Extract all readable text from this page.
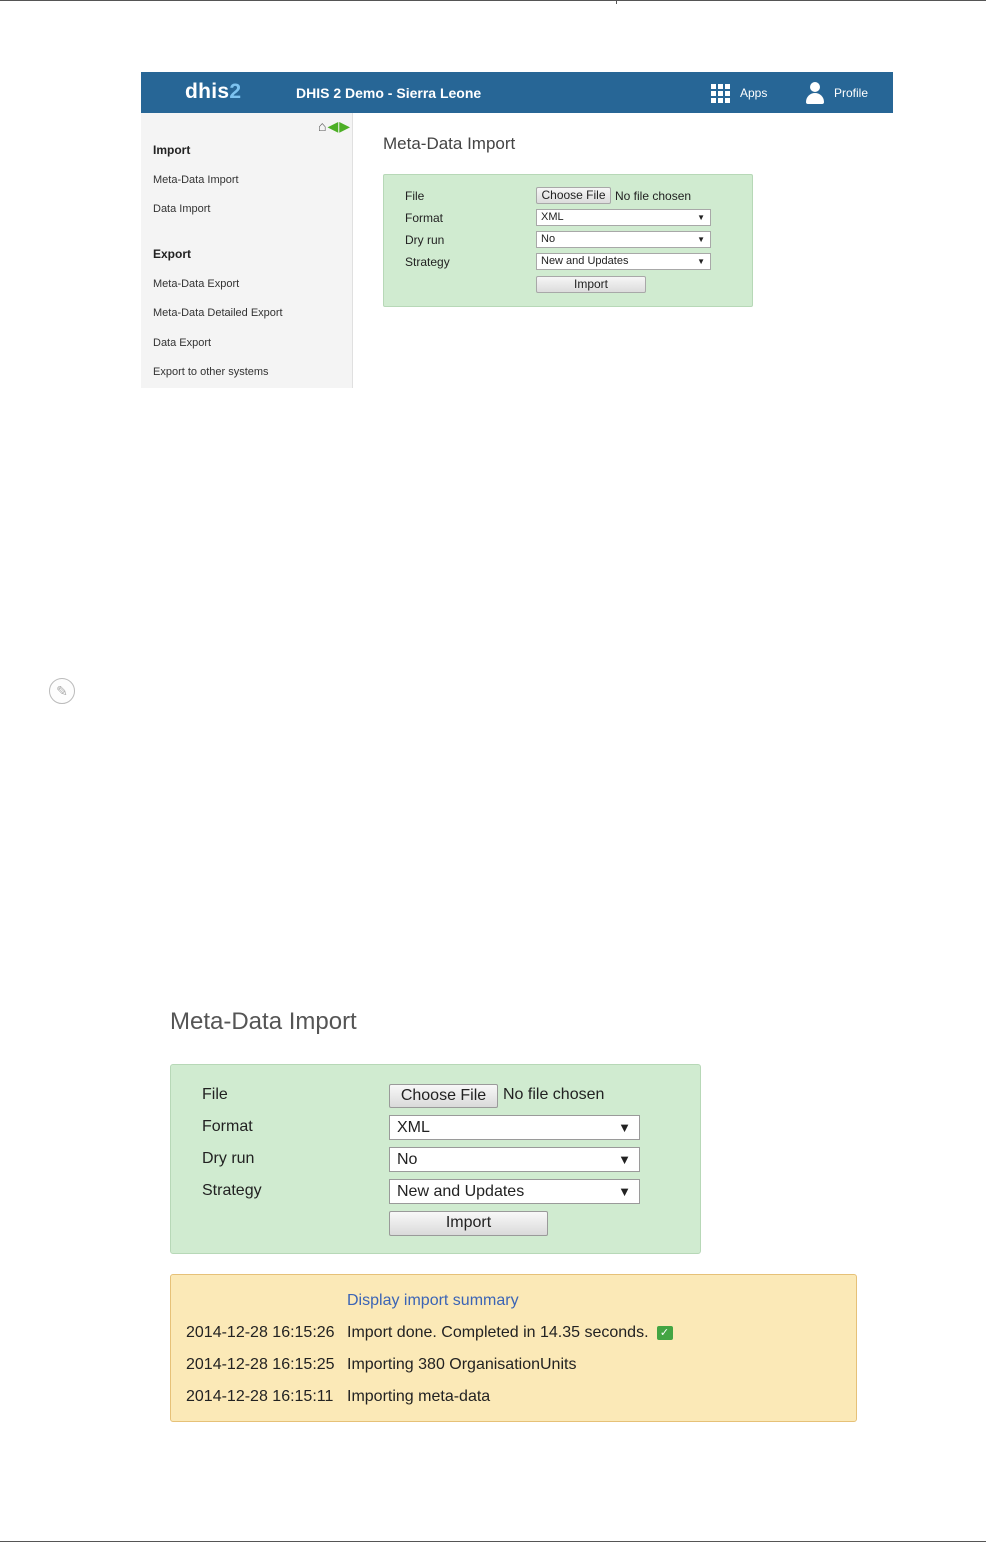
dhis2	DHIS 2 Demo - Sierra Leone	Apps	Profile
⌂ ◀ ▶
Import
Meta-Data Import
Data Import
Export
Meta-Data Export
Meta-Data Detailed Export
Data Export
Export to other systems
Meta-Data Import
File	Choose File No file chosen
Format	XML	▼
Dry run	No	▼
Strategy	New and Updates	▼
Import
✎
Meta-Data Import
File	Choose File	No file chosen
Format	XML	▼
Dry run	No	▼
Strategy	New and Updates	▼
Import
Display import summary
2014-12-28 16:15:26 Import done. Completed in 14.35 seconds. ✓
2014-12-28 16:15:25 Importing 380 OrganisationUnits
2014-12-28 16:15:11 Importing meta-data
